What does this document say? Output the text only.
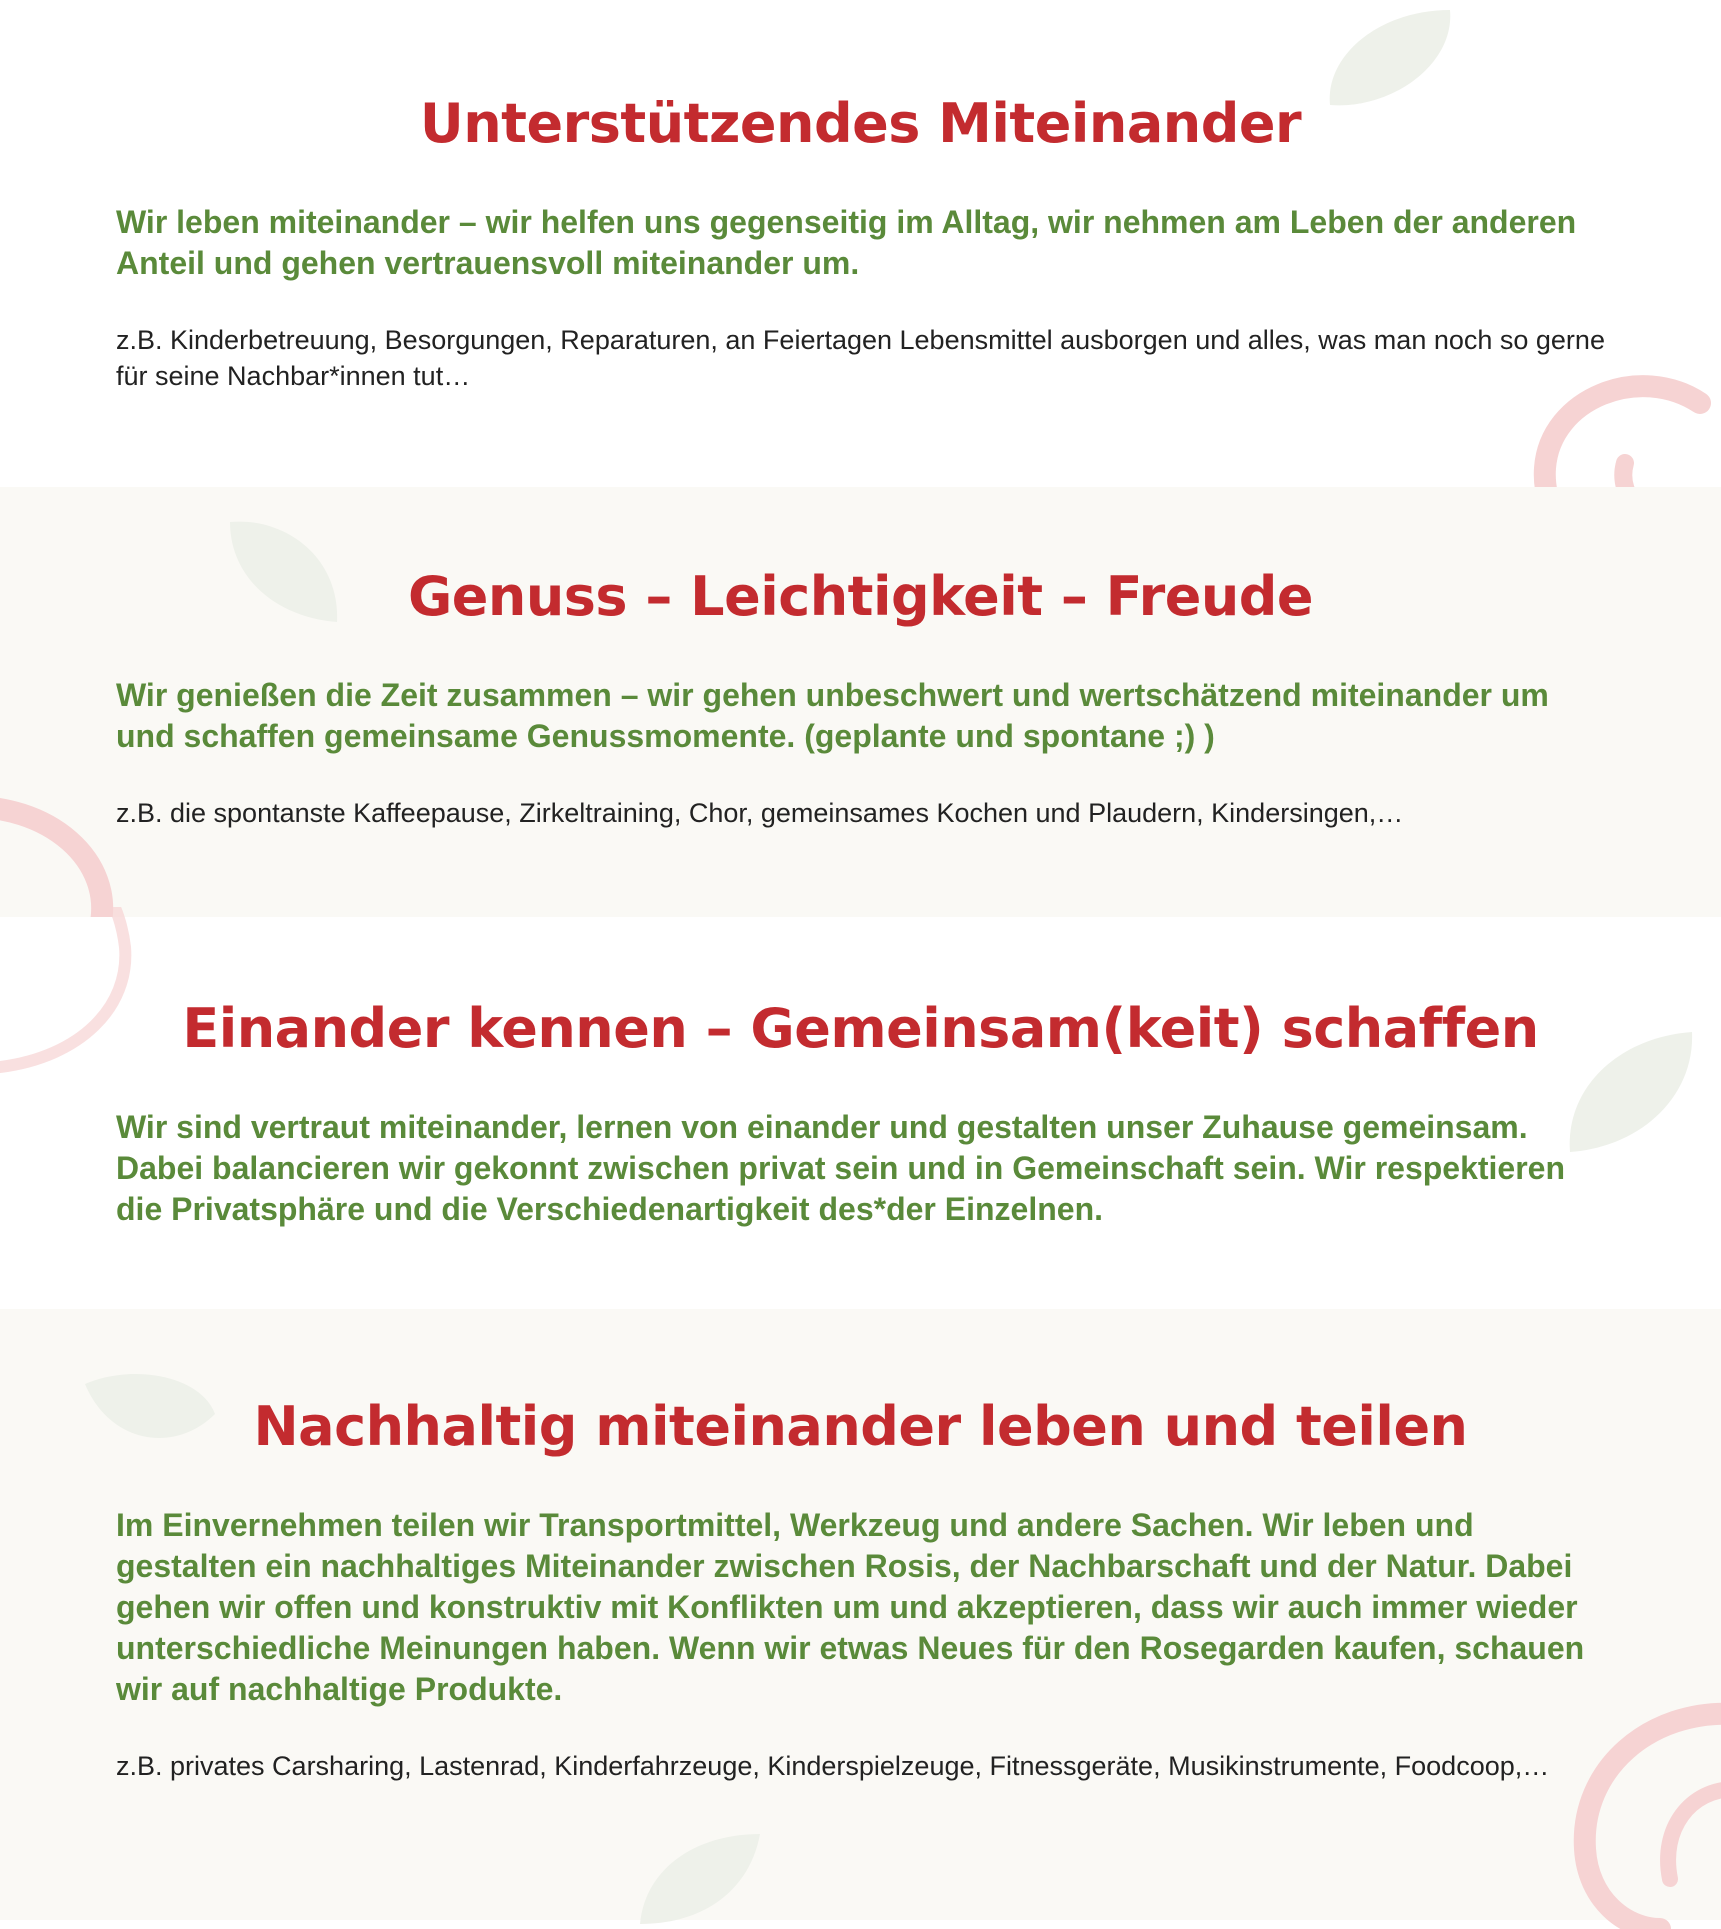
Unterstützendes Miteinander

Wir leben miteinander – wir helfen uns gegenseitig im Alltag, wir nehmen am Leben der anderen Anteil und gehen vertrauensvoll miteinander um.

z.B. Kinderbetreuung, Besorgungen, Reparaturen, an Feiertagen Lebensmittel ausborgen und alles, was man noch so gerne für seine Nachbar*innen tut…

Genuss – Leichtigkeit – Freude

Wir genießen die Zeit zusammen – wir gehen unbeschwert und wertschätzend miteinander um und schaffen gemeinsame Genussmomente. (geplante und spontane ;) )

z.B. die spontanste Kaffeepause, Zirkeltraining, Chor, gemeinsames Kochen und Plaudern, Kindersingen,…

Einander kennen – Gemeinsam(keit) schaffen

Wir sind vertraut miteinander, lernen von einander und gestalten unser Zuhause gemeinsam. Dabei balancieren wir gekonnt zwischen privat sein und in Gemeinschaft sein. Wir respektieren die Privatsphäre und die Verschiedenartigkeit des*der Einzelnen.

Nachhaltig miteinander leben und teilen

Im Einvernehmen teilen wir Transportmittel, Werkzeug und andere Sachen. Wir leben und gestalten ein nachhaltiges Miteinander zwischen Rosis, der Nachbarschaft und der Natur. Dabei gehen wir offen und konstruktiv mit Konflikten um und akzeptieren, dass wir auch immer wieder unterschiedliche Meinungen haben. Wenn wir etwas Neues für den Rosegarden kaufen, schauen wir auf nachhaltige Produkte.

z.B. privates Carsharing, Lastenrad, Kinderfahrzeuge, Kinderspielzeuge, Fitnessgeräte, Musikinstrumente, Foodcoop,…
